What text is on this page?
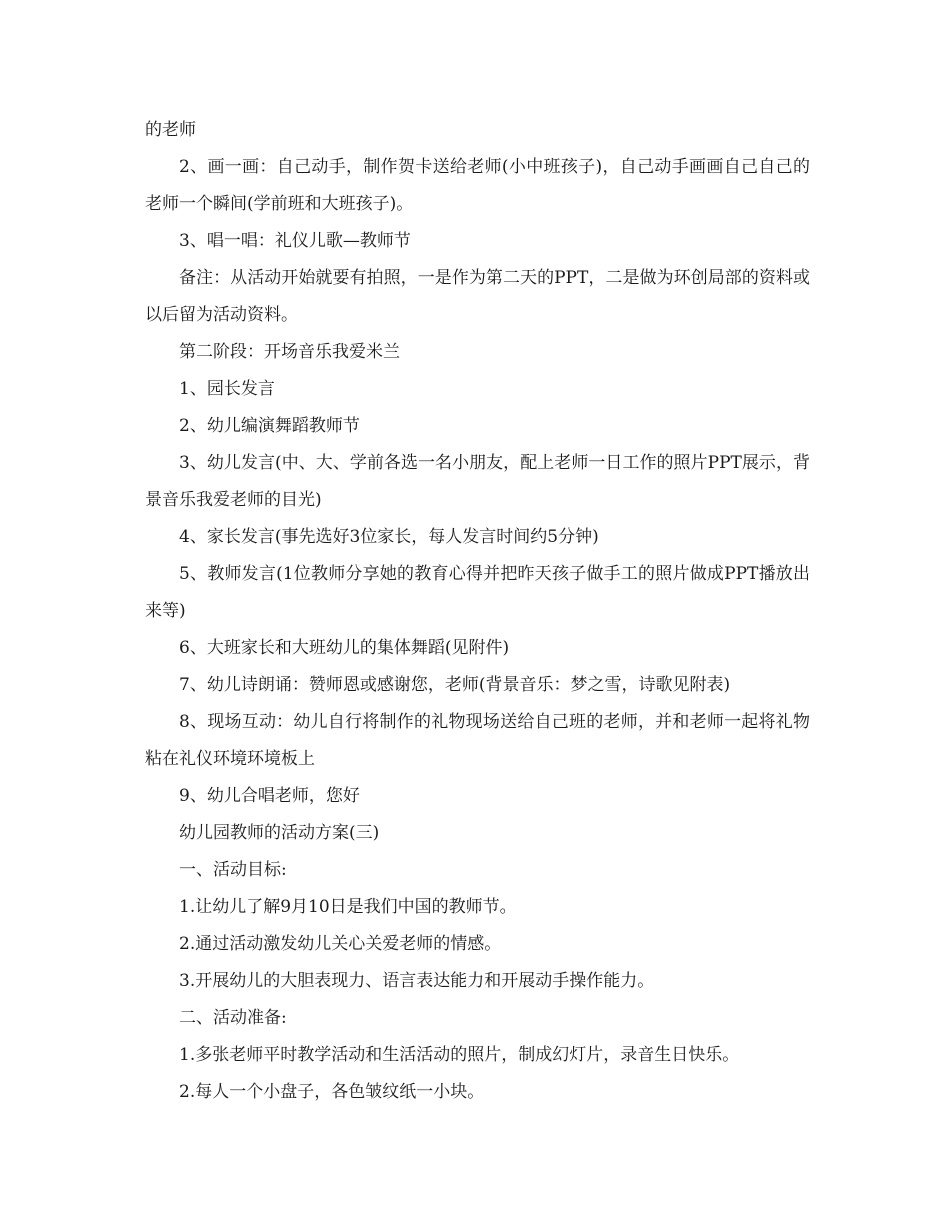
的老师

2、画一画：自己动手，制作贺卡送给老师(小中班孩子)，自己动手画画自己自己的老师一个瞬间(学前班和大班孩子)。

3、唱一唱：礼仪儿歌—教师节

备注：从活动开始就要有拍照，一是作为第二天的PPT，二是做为环创局部的资料或以后留为活动资料。

第二阶段：开场音乐我爱米兰

1、园长发言

2、幼儿编演舞蹈教师节

3、幼儿发言(中、大、学前各选一名小朋友，配上老师一日工作的照片PPT展示，背景音乐我爱老师的目光)

4、家长发言(事先选好3位家长，每人发言时间约5分钟)

5、教师发言(1位教师分享她的教育心得并把昨天孩子做手工的照片做成PPT播放出来等)

6、大班家长和大班幼儿的集体舞蹈(见附件)

7、幼儿诗朗诵：赞师恩或感谢您，老师(背景音乐：梦之雪，诗歌见附表)

8、现场互动：幼儿自行将制作的礼物现场送给自己班的老师，并和老师一起将礼物粘在礼仪环境环境板上

9、幼儿合唱老师，您好

幼儿园教师的活动方案(三)

一、活动目标:

1.让幼儿了解9月10日是我们中国的教师节。

2.通过活动激发幼儿关心关爱老师的情感。

3.开展幼儿的大胆表现力、语言表达能力和开展动手操作能力。

二、活动准备:

1.多张老师平时教学活动和生活活动的照片，制成幻灯片，录音生日快乐。

2.每人一个小盘子，各色皱纹纸一小块。
